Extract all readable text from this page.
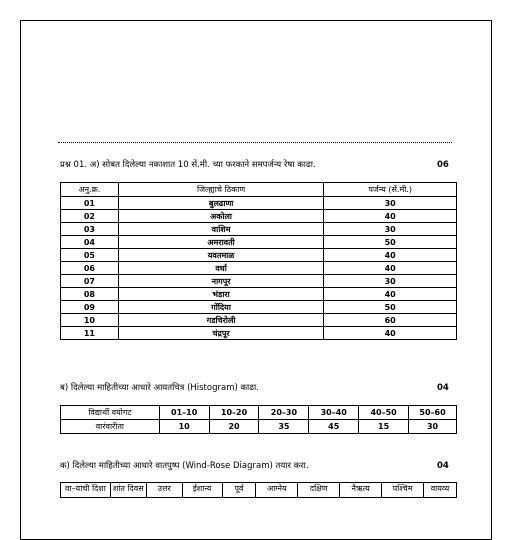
प्रश्न 01. अ) सोबत दिलेल्या नकाशात 10 सें.मी. च्या फरकाने समपर्जन्य रेषा काढा.	06
अनु.क्र.	जिल्ह्याचे ठिकाण	पर्जन्य (सें.मी.)
01	बुलढाणा	30
02	अकोला	40
03	वाशिम	30
04	अमरावती	50
05	यवतमाळ	40
06	वर्धा	40
07	नागपूर	30
08	भंडारा	40
09	गोंदिया	50
10	गडचिरोली	60
11	चंद्रपूर	40
ब) दिलेल्या माहितीच्या आधारे आयतचित्र (Histogram) काढा.	04
विद्यार्थी वयोगट	01–10	10–20	20–30	30–40	40–50	50–60
वारंवारीता	10	20	35	45	15	30
क) दिलेल्या माहितीच्या आधारे वातपुष्प (Wind-Rose Diagram) तयार करा.	04
वा–याची दिशा	शांत दिवस	उत्तर	ईशान्य	पूर्व	आग्नेय	दक्षिण	नैऋत्य	पश्चिम	वायव्य
